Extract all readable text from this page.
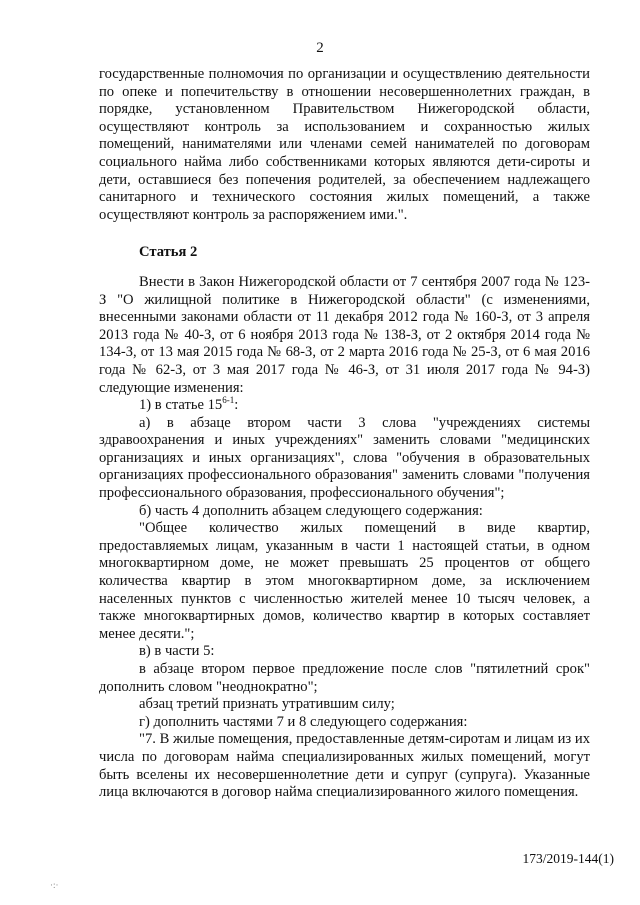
2

государственные полномочия по организации и осуществлению деятельности по опеке и попечительству в отношении несовершеннолетних граждан, в порядке, установленном Правительством Нижегородской области, осуществляют контроль за использованием и сохранностью жилых помещений, нанимателями или членами семей нанимателей по договорам социального найма либо собственниками которых являются дети-сироты и дети, оставшиеся без попечения родителей, за обеспечением надлежащего санитарного и технического состояния жилых помещений, а также осуществляют контроль за распоряжением ими.".

Статья 2

Внести в Закон Нижегородской области от 7 сентября 2007 года № 123-З "О жилищной политике в Нижегородской области" (с изменениями, внесенными законами области от 11 декабря 2012 года № 160-З, от 3 апреля 2013 года № 40-З, от 6 ноября 2013 года № 138-З, от 2 октября 2014 года № 134-З, от 13 мая 2015 года № 68-З, от 2 марта 2016 года № 25-З, от 6 мая 2016 года № 62-З, от 3 мая 2017 года № 46-З, от 31 июля 2017 года № 94-З) следующие изменения:

1) в статье 15$^{6-1}$:

а) в абзаце втором части 3 слова "учреждениях системы здравоохранения и иных учреждениях" заменить словами "медицинских организациях и иных организациях", слова "обучения в образовательных организациях профессионального образования" заменить словами "получения профессионального образования, профессионального обучения";

б) часть 4 дополнить абзацем следующего содержания:

"Общее количество жилых помещений в виде квартир, предоставляемых лицам, указанным в части 1 настоящей статьи, в одном многоквартирном доме, не может превышать 25 процентов от общего количества квартир в этом многоквартирном доме, за исключением населенных пунктов с численностью жителей менее 10 тысяч человек, а также многоквартирных домов, количество квартир в которых составляет менее десяти.";

в) в части 5:

в абзаце втором первое предложение после слов "пятилетний срок" дополнить словом "неоднократно";

абзац третий признать утратившим силу;

г) дополнить частями 7 и 8 следующего содержания:

"7. В жилые помещения, предоставленные детям-сиротам и лицам из их числа по договорам найма специализированных жилых помещений, могут быть вселены их несовершеннолетние дети и супруг (супруга). Указанные лица включаются в договор найма специализированного жилого помещения.

173/2019-144(1)
·:·
